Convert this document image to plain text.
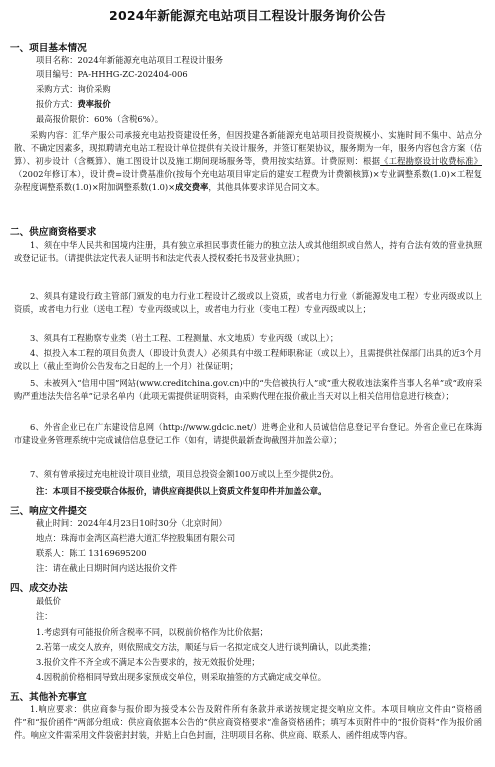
2024年新能源充电站项目工程设计服务询价公告
一、项目基本情况
项目名称：2024年新能源充电站项目工程设计服务
项目编号：PA-HHHG-ZC-202404-006
采购方式：询价采购
报价方式：费率报价
最高报价限价：60%（含税6%）。
采购内容：汇华产服公司承接充电站投资建设任务，但因投建各新能源充电站项目投资规模小、实施时间不集中、站点分散、不确定因素多，现拟聘请充电站工程设计单位提供有关设计服务，并签订框架协议，服务期为一年，服务内容包含方案（估算）、初步设计（含概算）、施工图设计以及施工期间现场服务等，费用按实结算。计费原则：根据《工程勘察设计收费标准》（2002年修订本），设计费=设计费基准价(按每个充电站项目审定后的建安工程费为计费额核算)×专业调整系数(1.0)×工程复杂程度调整系数(1.0)×附加调整系数(1.0)×成交费率，其他具体要求详见合同文本。
二、供应商资格要求
1、须在中华人民共和国境内注册，具有独立承担民事责任能力的独立法人或其他组织或自然人，持有合法有效的营业执照或登记证书。（请提供法定代表人证明书和法定代表人授权委托书及营业执照）；
2、须具有建设行政主管部门颁发的电力行业工程设计乙级或以上资质，或者电力行业（新能源发电工程）专业丙级或以上资质，或者电力行业（送电工程）专业丙级或以上，或者电力行业（变电工程）专业丙级或以上；
3、须具有工程勘察专业类（岩土工程、工程测量、水文地质）专业丙级（或以上）；
4、拟投入本工程的项目负责人（即设计负责人）必须具有中级工程师职称证（或以上），且需提供社保部门出具的近3个月或以上（截止至询价公告发布之日起的上一个月）社保证明；
5、未被列入“信用中国”网站(www.creditchina.gov.cn)中的“失信被执行人”或“重大税收违法案件当事人名单”或“政府采购严重违法失信名单”记录名单内（此项无需提供证明资料，由采购代理在报价截止当天对以上相关信用信息进行核查）；
6、外省企业已在广东建设信息网（http://www.gdcic.net/）进粤企业和人员诚信信息登记平台登记。外省企业已在珠海市建设业务管理系统中完成诚信信息登记工作（如有，请提供最新查询截图并加盖公章）；
7、须有曾承接过充电桩设计项目业绩，项目总投资金额100万或以上至少提供2份。
注：本项目不接受联合体报价，请供应商提供以上资质文件复印件并加盖公章。
三、响应文件提交
截止时间：2024年4月23日10时30分（北京时间）
地点：珠海市金湾区高栏港大道汇华控股集团有限公司
联系人：陈工 13169695200
注：请在截止日期时间内送达报价文件
四、成交办法
最低价
注：
1.考虑到有可能报价所含税率不同，以税前价格作为比价依据；
2.若第一成交人放弃，则依照成交方法，顺延与后一名拟定成交人进行谈判确认，以此类推；
3.报价文件不齐全或不满足本公告要求的，按无效报价处理；
4.因税前价格相同导致出现多家预成交单位，则采取抽签的方式确定成交单位。
五、其他补充事宜
1.响应要求：供应商参与报价即为接受本公告及附件所有条款并承诺按规定提交响应文件。本项目响应文件由“资格函件”和“报价函件”两部分组成：供应商依据本公告的“供应商资格要求”准备资格函件；填写本页附件中的“报价资料”作为报价函件。响应文件需采用文件袋密封封装，并贴上白色封面，注明项目名称、供应商、联系人、函件组成等内容。
